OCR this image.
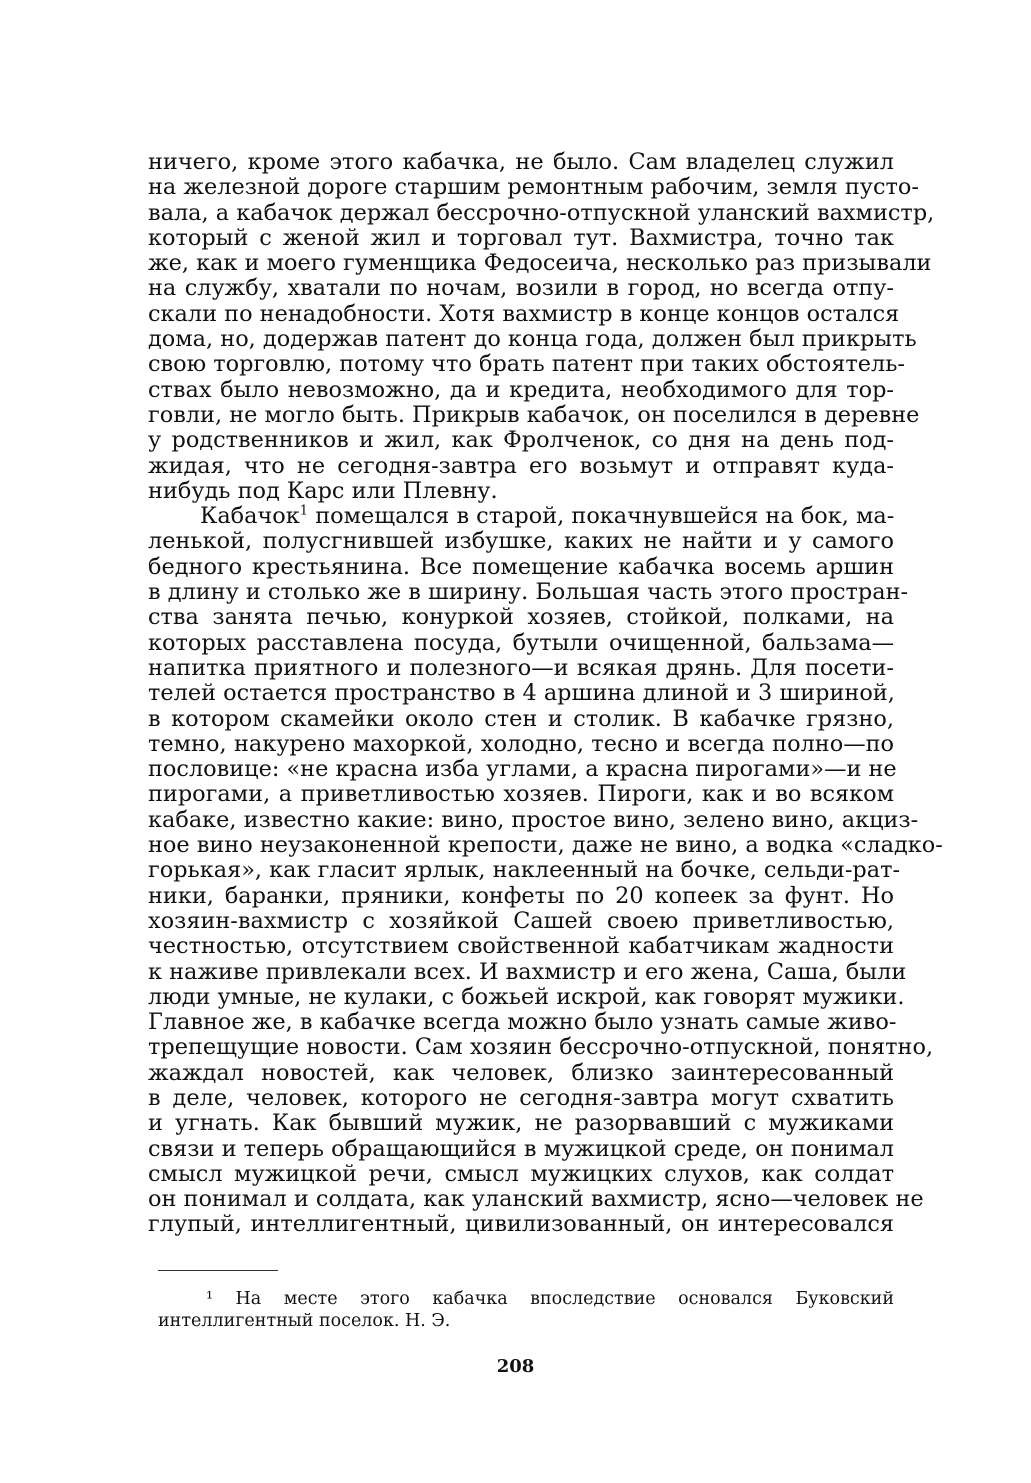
ничего, кроме этого кабачка, не было. Сам владелец служил
на железной дороге старшим ремонтным рабочим, земля пусто-
вала, а кабачок держал бессрочно-отпускной уланский вахмистр,
который с женой жил и торговал тут. Вахмистра, точно так
же, как и моего гуменщика Федосеича, несколько раз призывали
на службу, хватали по ночам, возили в город, но всегда отпу-
скали по ненадобности. Хотя вахмистр в конце концов остался
дома, но, додержав патент до конца года, должен был прикрыть
свою торговлю, потому что брать патент при таких обстоятель-
ствах было невозможно, да и кредита, необходимого для тор-
говли, не могло быть. Прикрыв кабачок, он поселился в деревне
у родственников и жил, как Фролченок, со дня на день под-
жидая, что не сегодня-завтра его возьмут и отправят куда-
нибудь под Карс или Плевну.
Кабачок$^1$ помещался в старой, покачнувшейся на бок, ма-
ленькой, полусгнившей избушке, каких не найти и у самого
бедного крестьянина. Все помещение кабачка восемь аршин
в длину и столько же в ширину. Большая часть этого простран-
ства занята печью, конуркой хозяев, стойкой, полками, на
которых расставлена посуда, бутыли очищенной, бальзама—
напитка приятного и полезного—и всякая дрянь. Для посети-
телей остается пространство в 4 аршина длиной и 3 шириной,
в котором скамейки около стен и столик. В кабачке грязно,
темно, накурено махоркой, холодно, тесно и всегда полно—по
пословице: «не красна изба углами, а красна пирогами»—и не
пирогами, а приветливостью хозяев. Пироги, как и во всяком
кабаке, известно какие: вино, простое вино, зелено вино, акциз-
ное вино неузаконенной крепости, даже не вино, а водка «сладко-
горькая», как гласит ярлык, наклеенный на бочке, сельди-рат-
ники, баранки, пряники, конфеты по 20 копеек за фунт. Но
хозяин-вахмистр с хозяйкой Сашей своею приветливостью,
честностью, отсутствием свойственной кабатчикам жадности
к наживе привлекали всех. И вахмистр и его жена, Саша, были
люди умные, не кулаки, с божьей искрой, как говорят мужики.
Главное же, в кабачке всегда можно было узнать самые живо-
трепещущие новости. Сам хозяин бессрочно-отпускной, понятно,
жаждал новостей, как человек, близко заинтересованный
в деле, человек, которого не сегодня-завтра могут схватить
и угнать. Как бывший мужик, не разорвавший с мужиками
связи и теперь обращающийся в мужицкой среде, он понимал
смысл мужицкой речи, смысл мужицких слухов, как солдат
он понимал и солдата, как уланский вахмистр, ясно—человек не
глупый, интеллигентный, цивилизованный, он интересовался
¹ На месте этого кабачка впоследствие основался Буковский
интеллигентный поселок. Н. Э.
208
